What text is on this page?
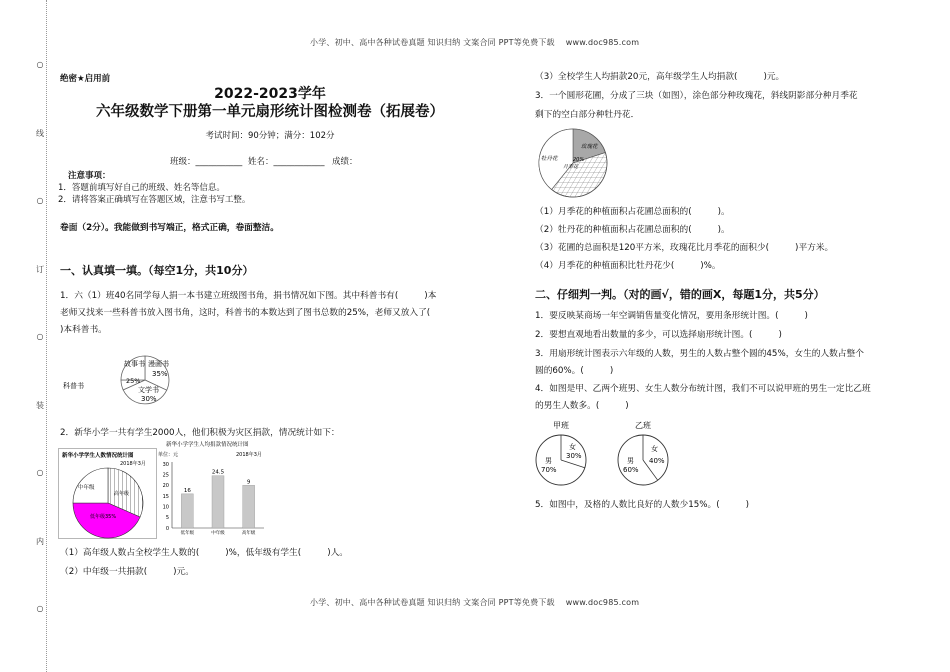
小学、初中、高中各种试卷真题 知识归纳 文案合同 PPT等免费下载　 www.doc985.com
小学、初中、高中各种试卷真题 知识归纳 文案合同 PPT等免费下载　 www.doc985.com
○
线
○
订
○
装
○
内
○
绝密★启用前
2022-2023学年
六年级数学下册第一单元扇形统计图检测卷（拓展卷）
考试时间：90分钟；满分：102分
班级：___________ 姓名：____________ 成绩：
注意事项：
1．答题前填写好自己的班级、姓名等信息。
2．请将答案正确填写在答题区域，注意书写工整。
卷面（2分）。我能做到书写端正，格式正确，卷面整洁。
一、认真填一填。（每空1分，共10分）
1．六（1）班40名同学每人捐一本书建立班级图书角，捐书情况如下图。其中科普书有(　　　)本
老师又找来一些科普书放入图书角，这时，科普书的本数达到了图书总数的25%，老师又放入了(
)本科普书。
故事书 漫画书
35%
科普书
25%
文学书
30%
2．新华小学一共有学生2000人，他们积极为灾区捐款，情况统计如下：
新华小学学生人数情况统计图
2018年3月
中年级
高年级
低年级35%
新华小学学生人均捐款情况统计图
单位：元	2018年3月
0
5
10
15
20
25
30
16
低年级
24.5
中年级
9
高年级
（1）高年级人数占全校学生人数的(　　　)%，低年级有学生(　　　)人。
（2）中年级一共捐款(　　　)元。
（3）全校学生人均捐款20元，高年级学生人均捐款(　　　)元。
3．一个圆形花圃，分成了三块（如图），涂色部分种玫瑰花，斜线阴影部分种月季花
剩下的空白部分种牡丹花．
牡丹花
月季花
玫瑰花
20%
（1）月季花的种植面积占花圃总面积的(　　　)。
（2）牡丹花的种植面积占花圃总面积的(　　　)。
（3）花圃的总面积是120平方米，玫瑰花比月季花的面积少(　　　)平方米。
（4）月季花的种植面积比牡丹花少(　　　)%。
二、仔细判一判。（对的画√，错的画X，每题1分，共5分）
1．要反映某商场一年空调销售量变化情况，要用条形统计图。(　　　)
2．要想直观地看出数量的多少，可以选择扇形统计图。(　　　)
3．用扇形统计图表示六年级的人数，男生的人数占整个圆的45%，女生的人数占整个
圆的60%。(　　　)
4．如图是甲、乙两个班男、女生人数分布统计图，我们不可以说甲班的男生一定比乙班
的男生人数多。(　　　)
甲班
女
30%
男
70%
乙班
女
40%
男
60%
5．如图中，及格的人数比良好的人数少15%。(　　　)
